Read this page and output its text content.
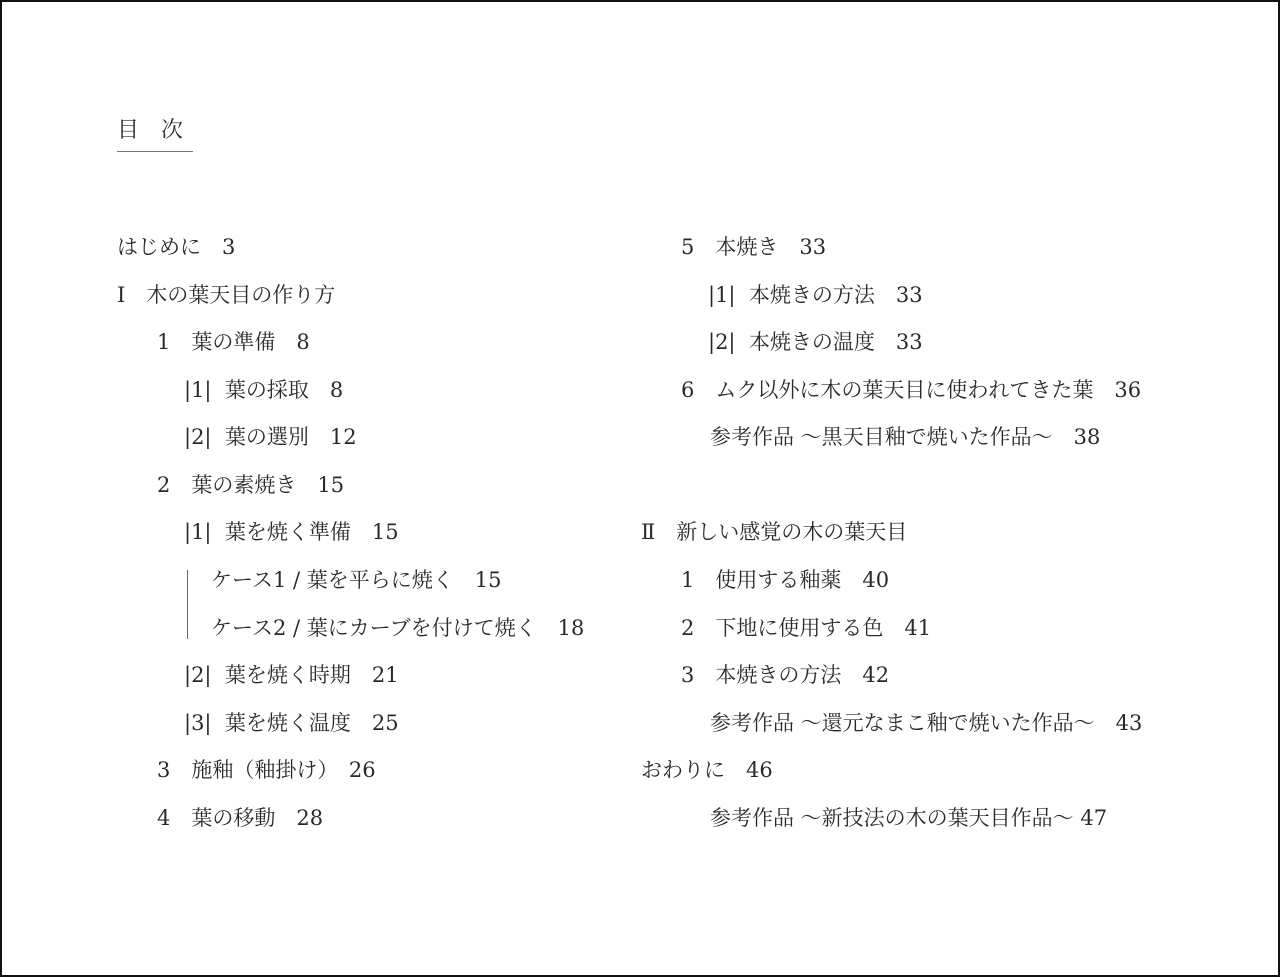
目　次
はじめに　3
Ⅰ　木の葉天目の作り方
1　葉の準備　8
|1|  葉の採取　8
|2|  葉の選別　12
2　葉の素焼き　15
|1|  葉を焼く準備　15
ケース1 / 葉を平らに焼く　15
ケース2 / 葉にカーブを付けて焼く　18
|2|  葉を焼く時期　21
|3|  葉を焼く温度　25
3　施釉（釉掛け）　26
4　葉の移動　28
5　本焼き　33
|1|  本焼きの方法　33
|2|  本焼きの温度　33
6　ムク以外に木の葉天目に使われてきた葉　36
参考作品 ～黒天目釉で焼いた作品～　38
Ⅱ　新しい感覚の木の葉天目
1　使用する釉薬　40
2　下地に使用する色　41
3　本焼きの方法　42
参考作品 ～還元なまこ釉で焼いた作品～　43
おわりに　46
参考作品 ～新技法の木の葉天目作品～ 47
